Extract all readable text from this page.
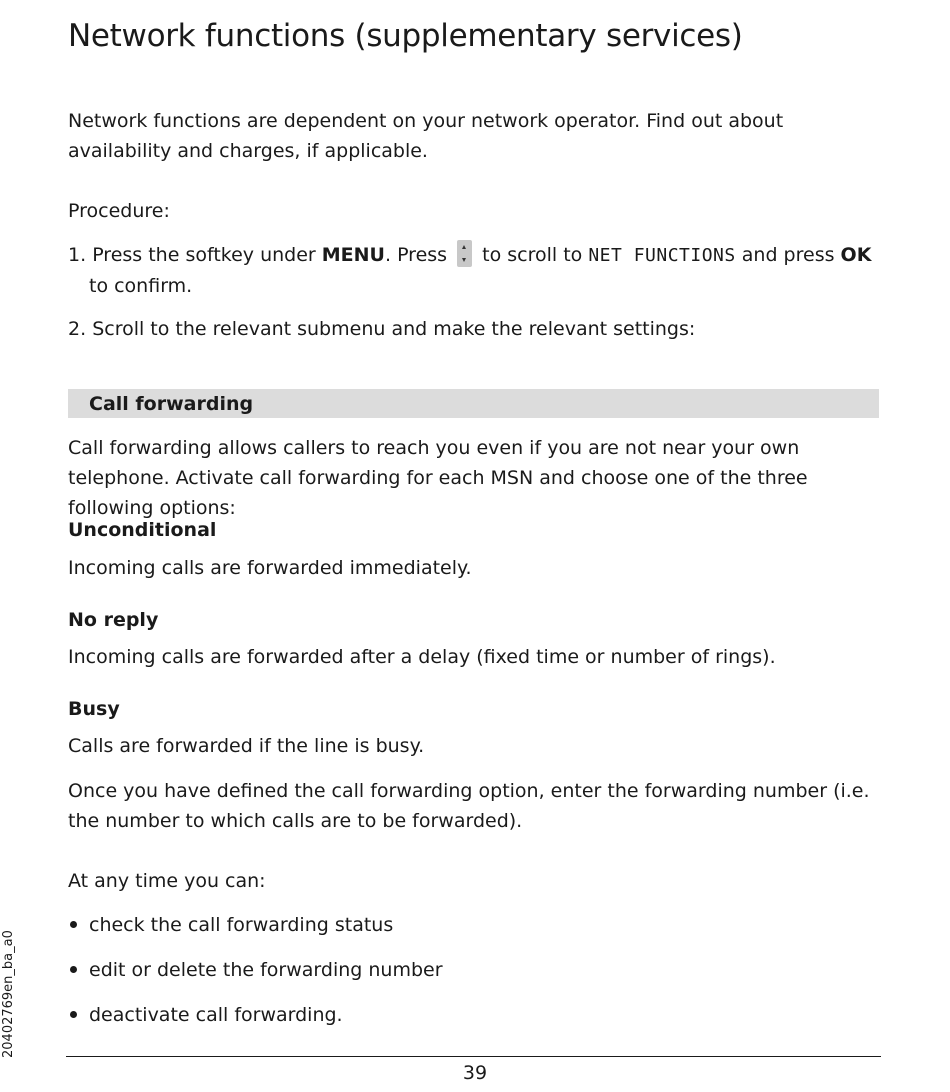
Network functions (supplementary services)

Network functions are dependent on your network operator. Find out about availability and charges, if applicable.

Procedure:

1. Press the softkey under MENU. Press
to scroll to NET FUNCTIONS and press OK to confirm.

2. Scroll to the relevant submenu and make the relevant settings:

Call forwarding

Call forwarding allows callers to reach you even if you are not near your own telephone. Activate call forwarding for each MSN and choose one of the three following options:

Unconditional

Incoming calls are forwarded immediately.

No reply

Incoming calls are forwarded after a delay (fixed time or number of rings).

Busy

Calls are forwarded if the line is busy.

Once you have defined the call forwarding option, enter the forwarding number (i.e. the number to which calls are to be forwarded).

At any time you can:

check the call forwarding status

edit or delete the forwarding number

deactivate call forwarding.

20402769en_ba_a0
39
